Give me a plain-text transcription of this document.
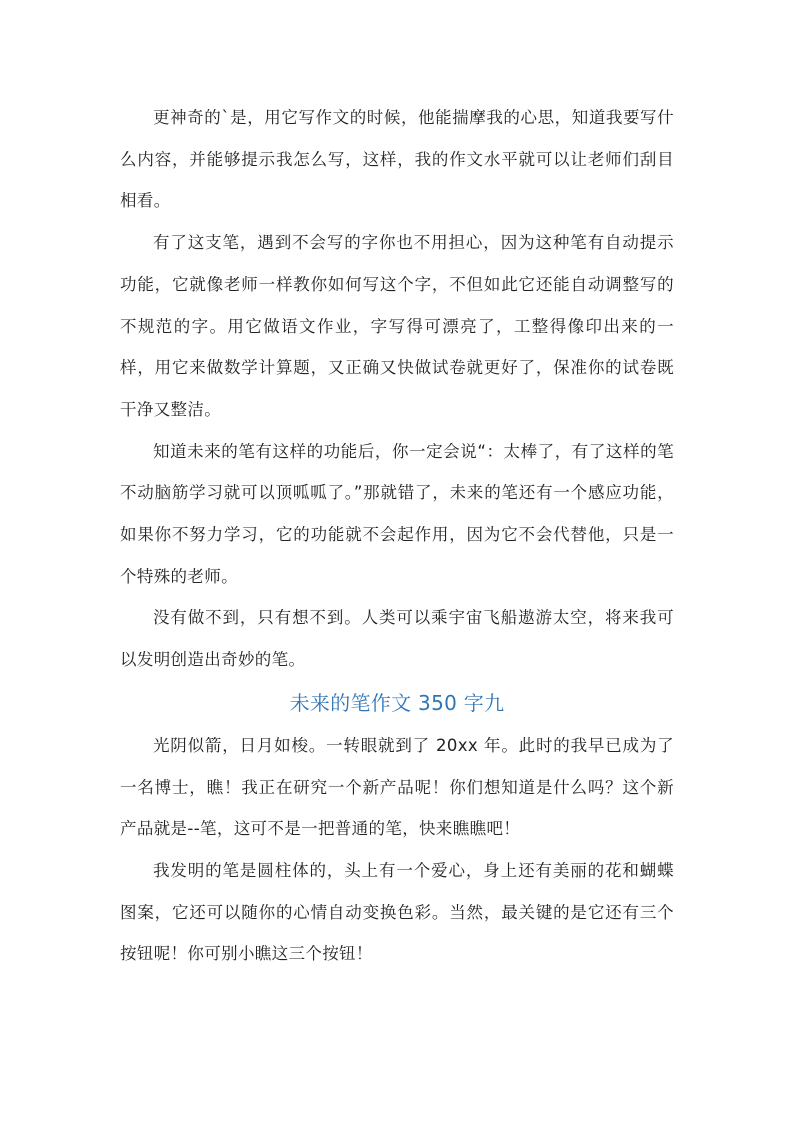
更神奇的`是，用它写作文的时候，他能揣摩我的心思，知道我要写什么内容，并能够提示我怎么写，这样，我的作文水平就可以让老师们刮目相看。

有了这支笔，遇到不会写的字你也不用担心，因为这种笔有自动提示功能，它就像老师一样教你如何写这个字，不但如此它还能自动调整写的不规范的字。用它做语文作业，字写得可漂亮了，工整得像印出来的一样，用它来做数学计算题，又正确又快做试卷就更好了，保准你的试卷既干净又整洁。

知道未来的笔有这样的功能后，你一定会说“：太棒了，有了这样的笔不动脑筋学习就可以顶呱呱了。”那就错了，未来的笔还有一个感应功能，如果你不努力学习，它的功能就不会起作用，因为它不会代替他，只是一个特殊的老师。

没有做不到，只有想不到。人类可以乘宇宙飞船遨游太空，将来我可以发明创造出奇妙的笔。

未来的笔作文 350 字九

光阴似箭，日月如梭。一转眼就到了 20xx 年。此时的我早已成为了一名博士，瞧！我正在研究一个新产品呢！你们想知道是什么吗？这个新产品就是--笔，这可不是一把普通的笔，快来瞧瞧吧！

我发明的笔是圆柱体的，头上有一个爱心，身上还有美丽的花和蝴蝶图案，它还可以随你的心情自动变换色彩。当然，最关键的是它还有三个按钮呢！你可别小瞧这三个按钮！
